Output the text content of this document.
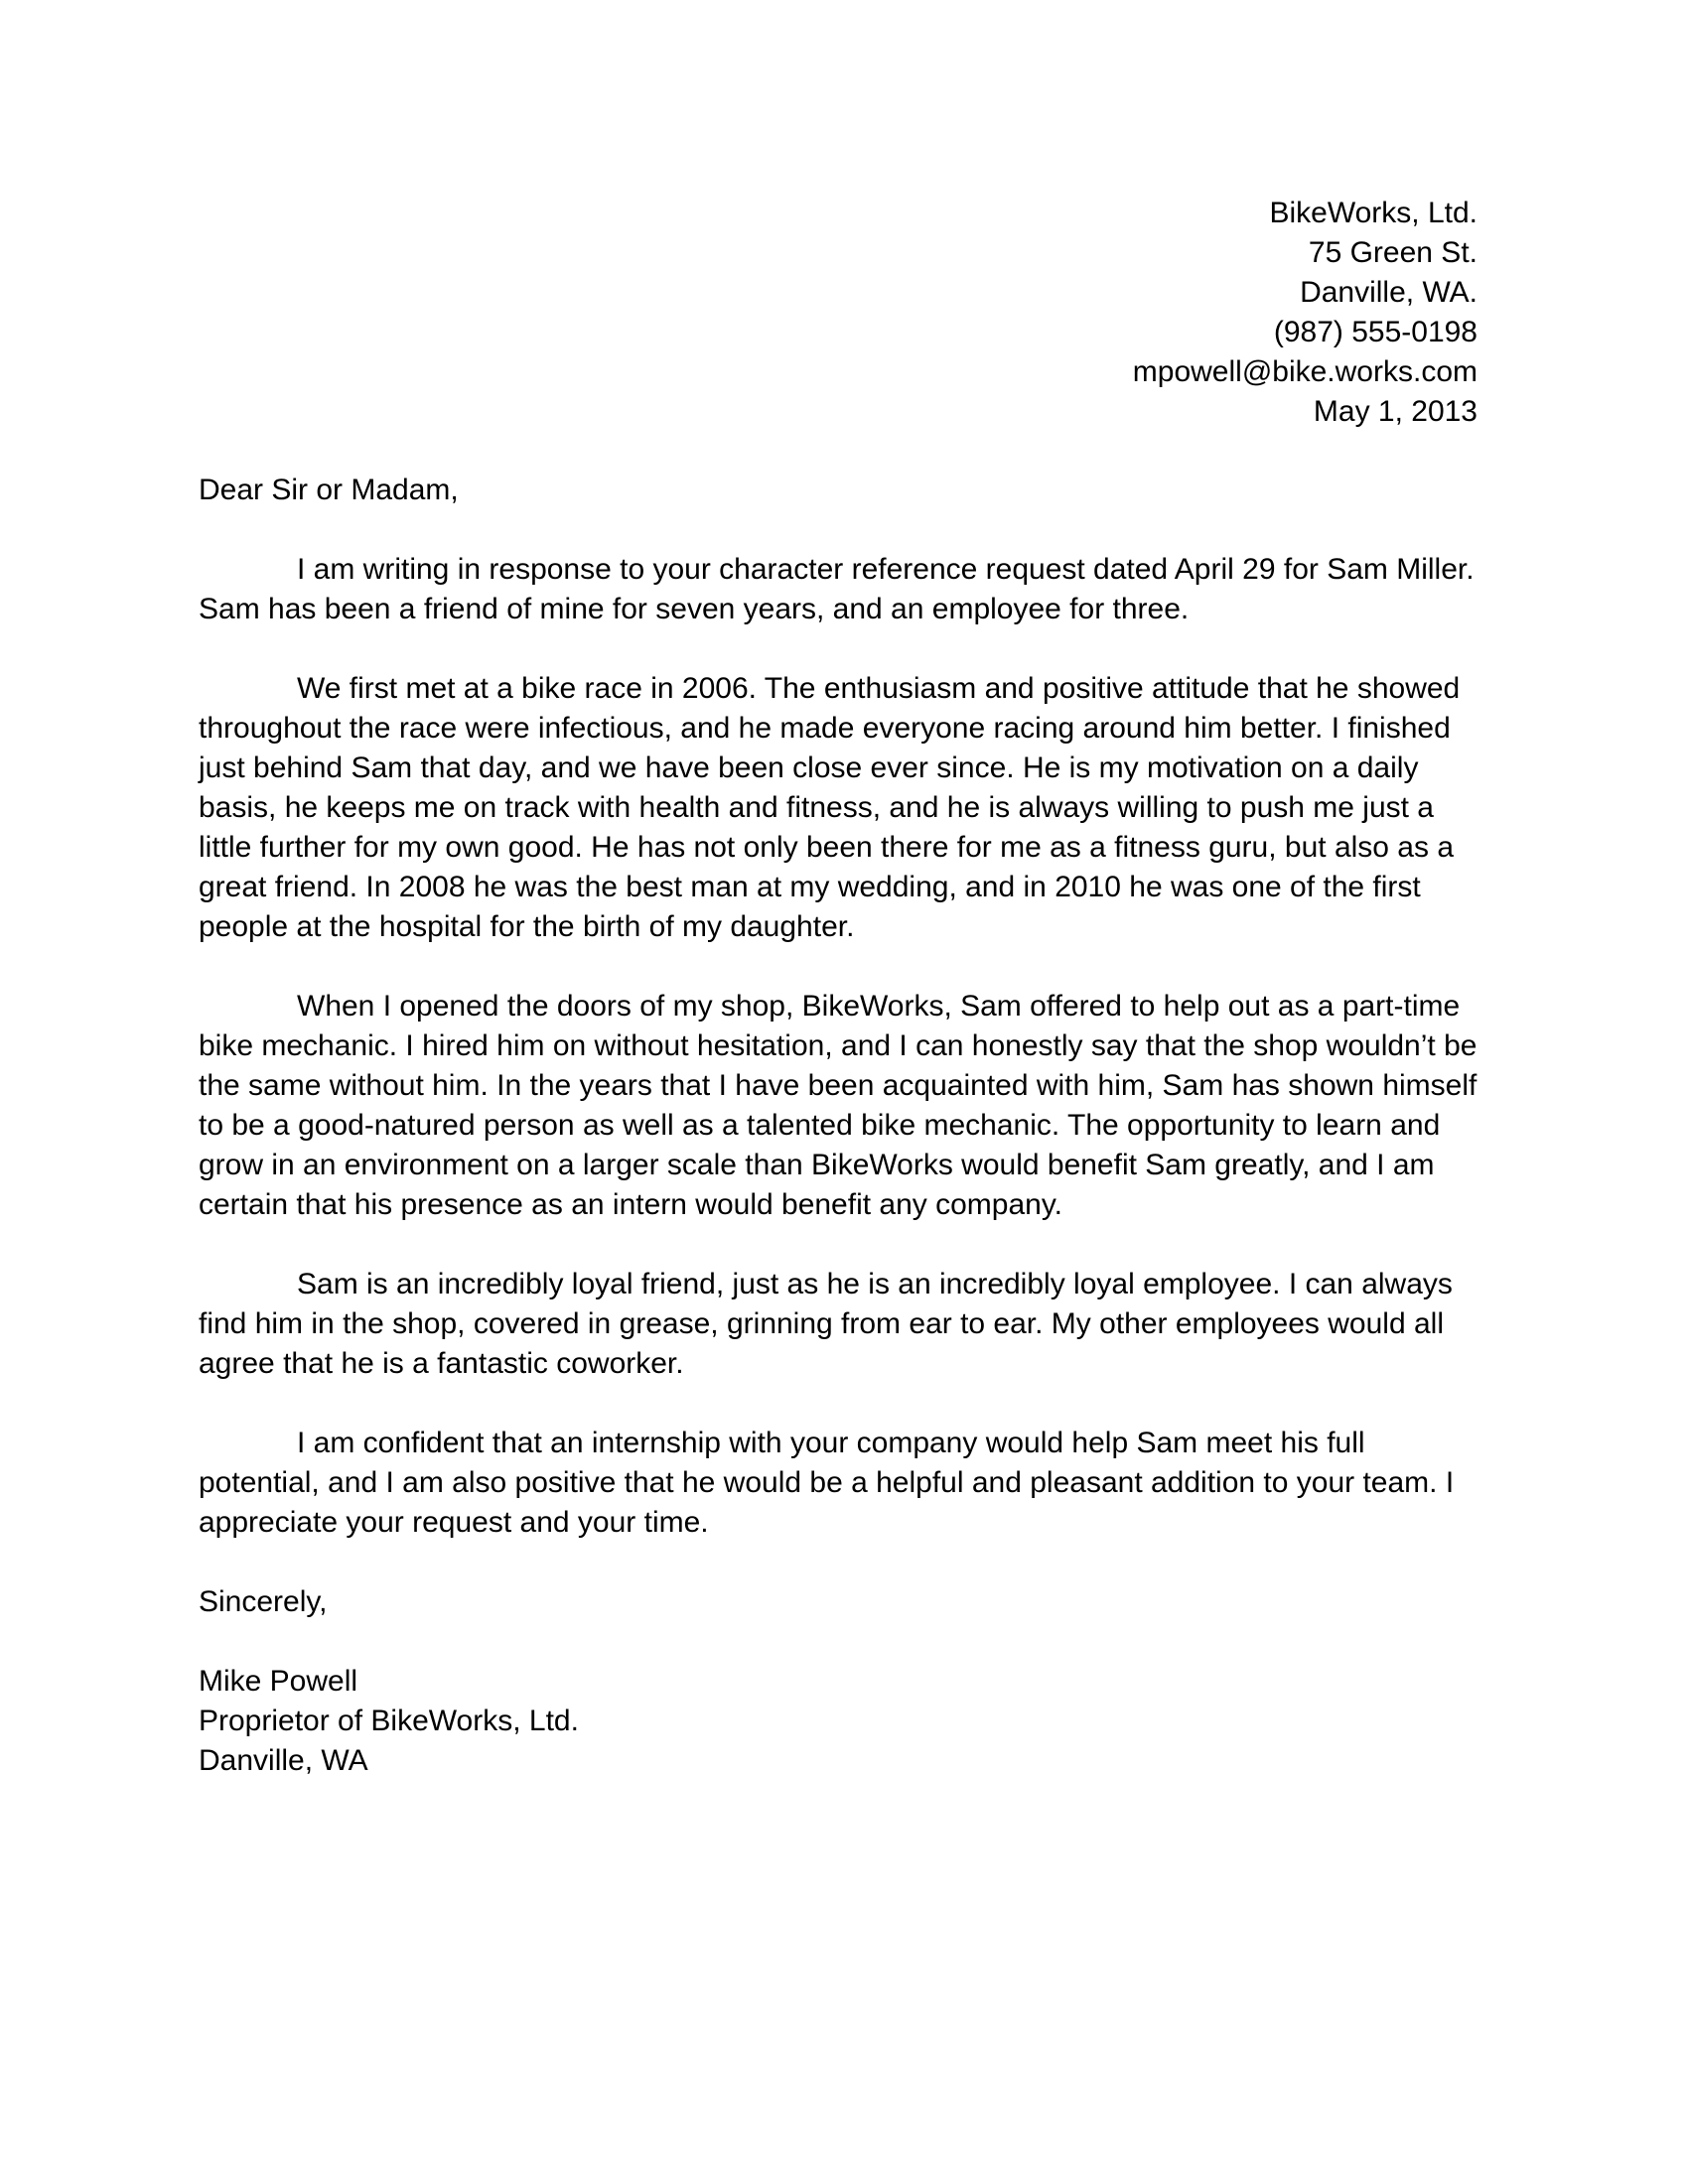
BikeWorks, Ltd.
75 Green St.
Danville, WA.
(987) 555-0198
mpowell@bike.works.com
May 1, 2013

Dear Sir or Madam,

I am writing in response to your character reference request dated April 29 for Sam Miller. Sam has been a friend of mine for seven years, and an employee for three.

We first met at a bike race in 2006. The enthusiasm and positive attitude that he showed throughout the race were infectious, and he made everyone racing around him better. I finished just behind Sam that day, and we have been close ever since. He is my motivation on a daily basis, he keeps me on track with health and fitness, and he is always willing to push me just a little further for my own good. He has not only been there for me as a fitness guru, but also as a great friend. In 2008 he was the best man at my wedding, and in 2010 he was one of the first people at the hospital for the birth of my daughter.

When I opened the doors of my shop, BikeWorks, Sam offered to help out as a part-time bike mechanic. I hired him on without hesitation, and I can honestly say that the shop wouldn’t be the same without him. In the years that I have been acquainted with him, Sam has shown himself to be a good-natured person as well as a talented bike mechanic. The opportunity to learn and grow in an environment on a larger scale than BikeWorks would benefit Sam greatly, and I am certain that his presence as an intern would benefit any company.

Sam is an incredibly loyal friend, just as he is an incredibly loyal employee. I can always find him in the shop, covered in grease, grinning from ear to ear. My other employees would all agree that he is a fantastic coworker.

I am confident that an internship with your company would help Sam meet his full potential, and I am also positive that he would be a helpful and pleasant addition to your team. I appreciate your request and your time.

Sincerely,

Mike Powell
Proprietor of BikeWorks, Ltd.
Danville, WA
